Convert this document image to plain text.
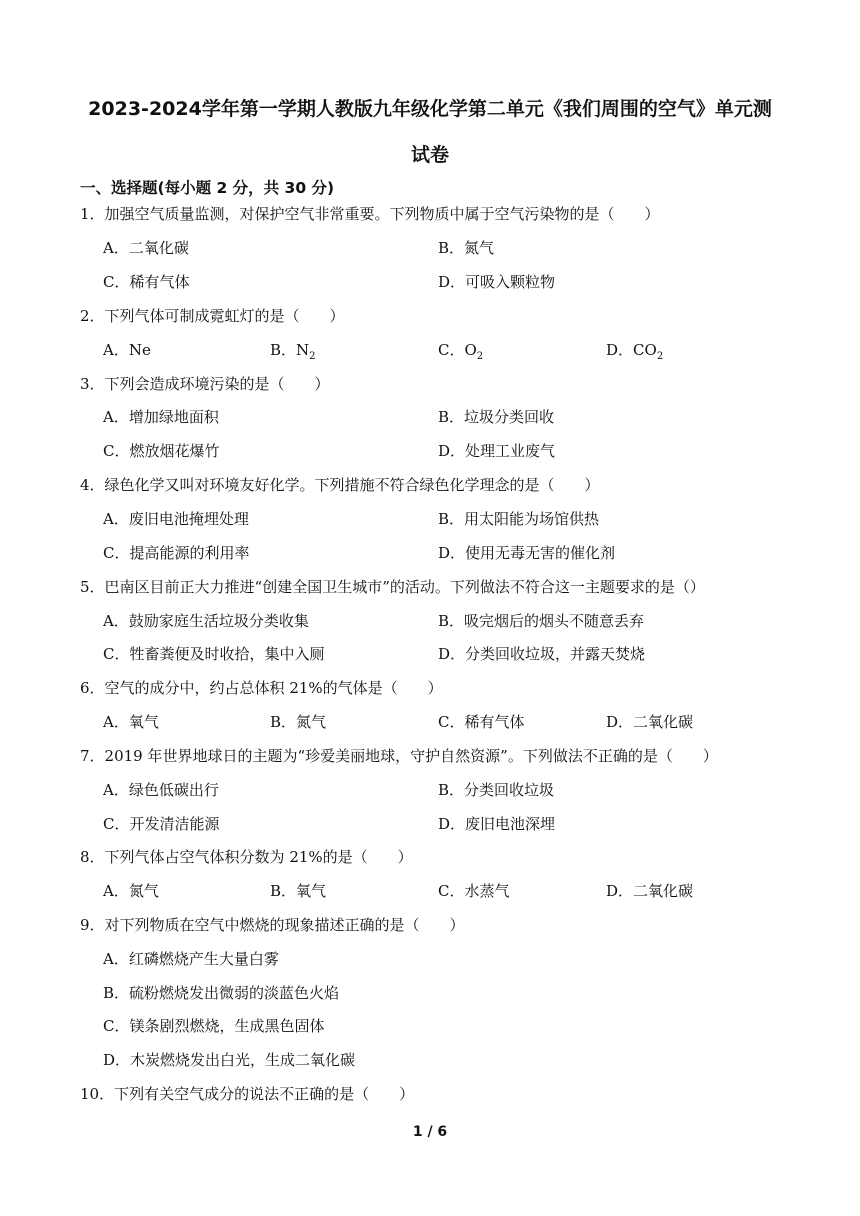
2023-2024学年第一学期人教版九年级化学第二单元《我们周围的空气》单元测
试卷
一、选择题(每小题 2 分，共 30 分)
1．加强空气质量监测，对保护空气非常重要。下列物质中属于空气污染物的是（　　）
A．二氧化碳	B．氮气
C．稀有气体	D．可吸入颗粒物
2．下列气体可制成霓虹灯的是（　　）
A．Ne	B．$N_2$	C．$O_2$	D．$CO_2$
3．下列会造成环境污染的是（　　）
A．增加绿地面积	B．垃圾分类回收
C．燃放烟花爆竹	D．处理工业废气
4．绿色化学又叫对环境友好化学。下列措施不符合绿色化学理念的是（　　）
A．废旧电池掩埋处理	B．用太阳能为场馆供热
C．提高能源的利用率	D．使用无毒无害的催化剂
5．巴南区目前正大力推进“创建全国卫生城市”的活动。下列做法不符合这一主题要求的是（）
A．鼓励家庭生活垃圾分类收集	B．吸完烟后的烟头不随意丢弃
C．牲畜粪便及时收拾，集中入厕	D．分类回收垃圾，并露天焚烧
6．空气的成分中，约占总体积 21%的气体是（　　）
A．氧气	B．氮气	C．稀有气体	D．二氧化碳
7．2019 年世界地球日的主题为“珍爱美丽地球，守护自然资源”。下列做法不正确的是（　　）
A．绿色低碳出行	B．分类回收垃圾
C．开发清洁能源	D．废旧电池深埋
8．下列气体占空气体积分数为 21%的是（　　）
A．氮气	B．氧气	C．水蒸气	D．二氧化碳
9．对下列物质在空气中燃烧的现象描述正确的是（　　）
A．红磷燃烧产生大量白雾
B．硫粉燃烧发出微弱的淡蓝色火焰
C．镁条剧烈燃烧，生成黑色固体
D．木炭燃烧发出白光，生成二氧化碳
10．下列有关空气成分的说法不正确的是（　　）
1 / 6
